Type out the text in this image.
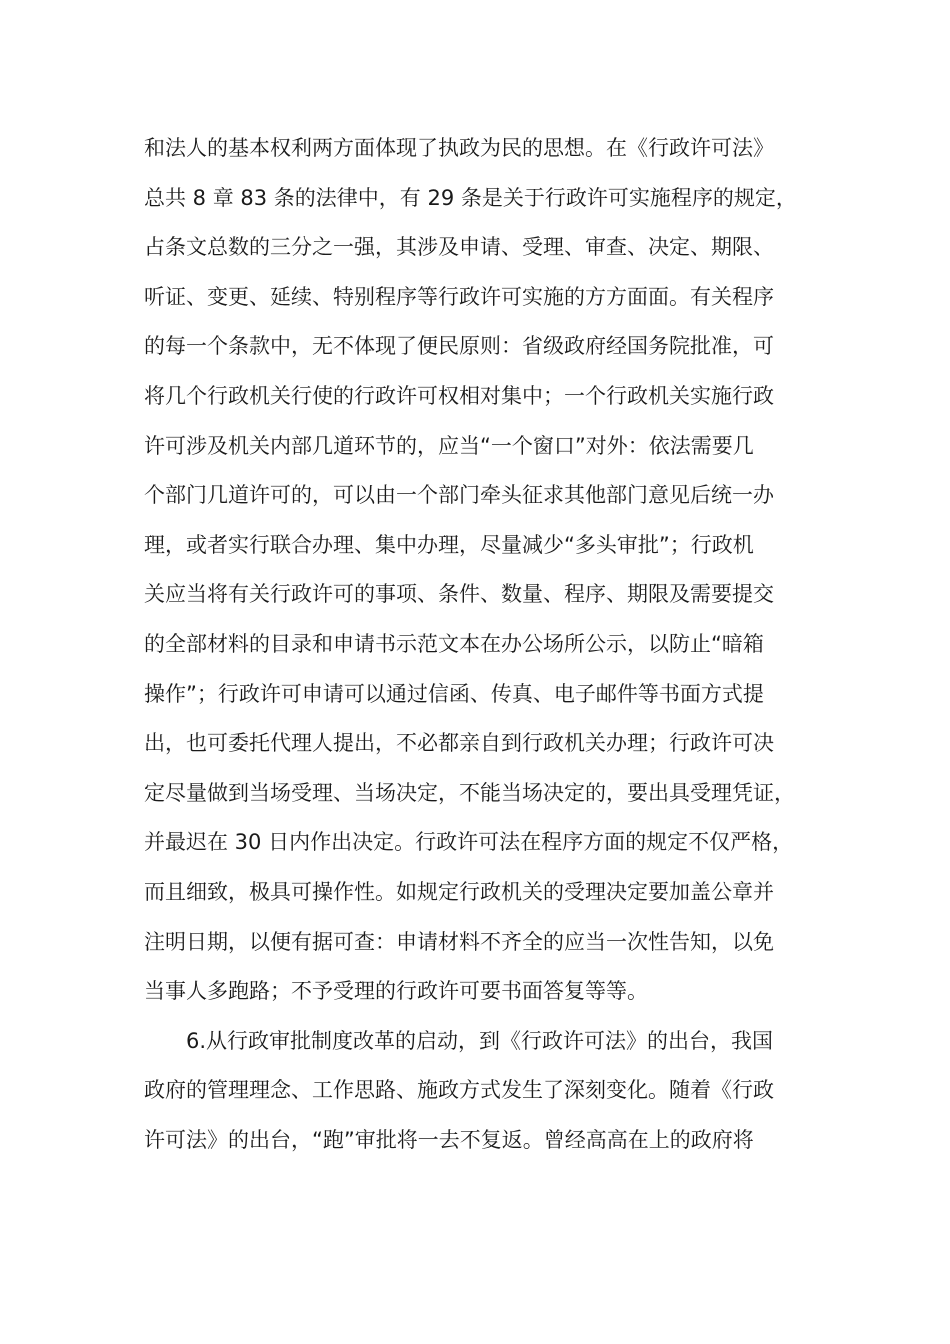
和法人的基本权利两方面体现了执政为民的思想。在《行政许可法》
总共 8 章 83 条的法律中，有 29 条是关于行政许可实施程序的规定，
占条文总数的三分之一强，其涉及申请、受理、审查、决定、期限、
听证、变更、延续、特别程序等行政许可实施的方方面面。有关程序
的每一个条款中，无不体现了便民原则：省级政府经国务院批准，可
将几个行政机关行使的行政许可权相对集中；一个行政机关实施行政
许可涉及机关内部几道环节的，应当“一个窗口”对外：依法需要几
个部门几道许可的，可以由一个部门牵头征求其他部门意见后统一办
理，或者实行联合办理、集中办理，尽量减少“多头审批”；行政机
关应当将有关行政许可的事项、条件、数量、程序、期限及需要提交
的全部材料的目录和申请书示范文本在办公场所公示，以防止“暗箱
操作”；行政许可申请可以通过信函、传真、电子邮件等书面方式提
出，也可委托代理人提出，不必都亲自到行政机关办理；行政许可决
定尽量做到当场受理、当场决定，不能当场决定的，要出具受理凭证，
并最迟在 30 日内作出决定。行政许可法在程序方面的规定不仅严格，
而且细致，极具可操作性。如规定行政机关的受理决定要加盖公章并
注明日期，以便有据可查：申请材料不齐全的应当一次性告知，以免
当事人多跑路；不予受理的行政许可要书面答复等等。
6.从行政审批制度改革的启动，到《行政许可法》的出台，我国
政府的管理理念、工作思路、施政方式发生了深刻变化。随着《行政
许可法》的出台，“跑”审批将一去不复返。曾经高高在上的政府将
